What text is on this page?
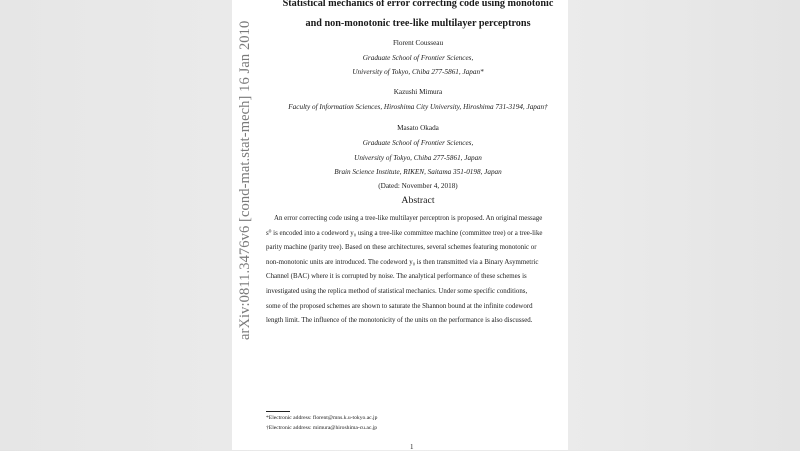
arXiv:0811.3476v6 [cond-mat.stat-mech] 16 Jan 2010
Statistical mechanics of error correcting code using monotonic
and non-monotonic tree-like multilayer perceptrons
Florent Cousseau
Graduate School of Frontier Sciences,
University of Tokyo, Chiba 277-5861, Japan*
Kazushi Mimura
Faculty of Information Sciences, Hiroshima City University, Hiroshima 731-3194, Japan†
Masato Okada
Graduate School of Frontier Sciences,
University of Tokyo, Chiba 277-5861, Japan
Brain Science Institute, RIKEN, Saitama 351-0198, Japan
(Dated: November 4, 2018)
Abstract
An error correcting code using a tree-like multilayer perceptron is proposed. An original message
s⁰ is encoded into a codeword y₀ using a tree-like committee machine (committee tree) or a tree-like
parity machine (parity tree). Based on these architectures, several schemes featuring monotonic or
non-monotonic units are introduced. The codeword y₀ is then transmitted via a Binary Asymmetric
Channel (BAC) where it is corrupted by noise. The analytical performance of these schemes is
investigated using the replica method of statistical mechanics. Under some specific conditions,
some of the proposed schemes are shown to saturate the Shannon bound at the infinite codeword
length limit. The influence of the monotonicity of the units on the performance is also discussed.
*Electronic address: florent@mns.k.u-tokyo.ac.jp
†Electronic address: mimura@hiroshima-cu.ac.jp
1
